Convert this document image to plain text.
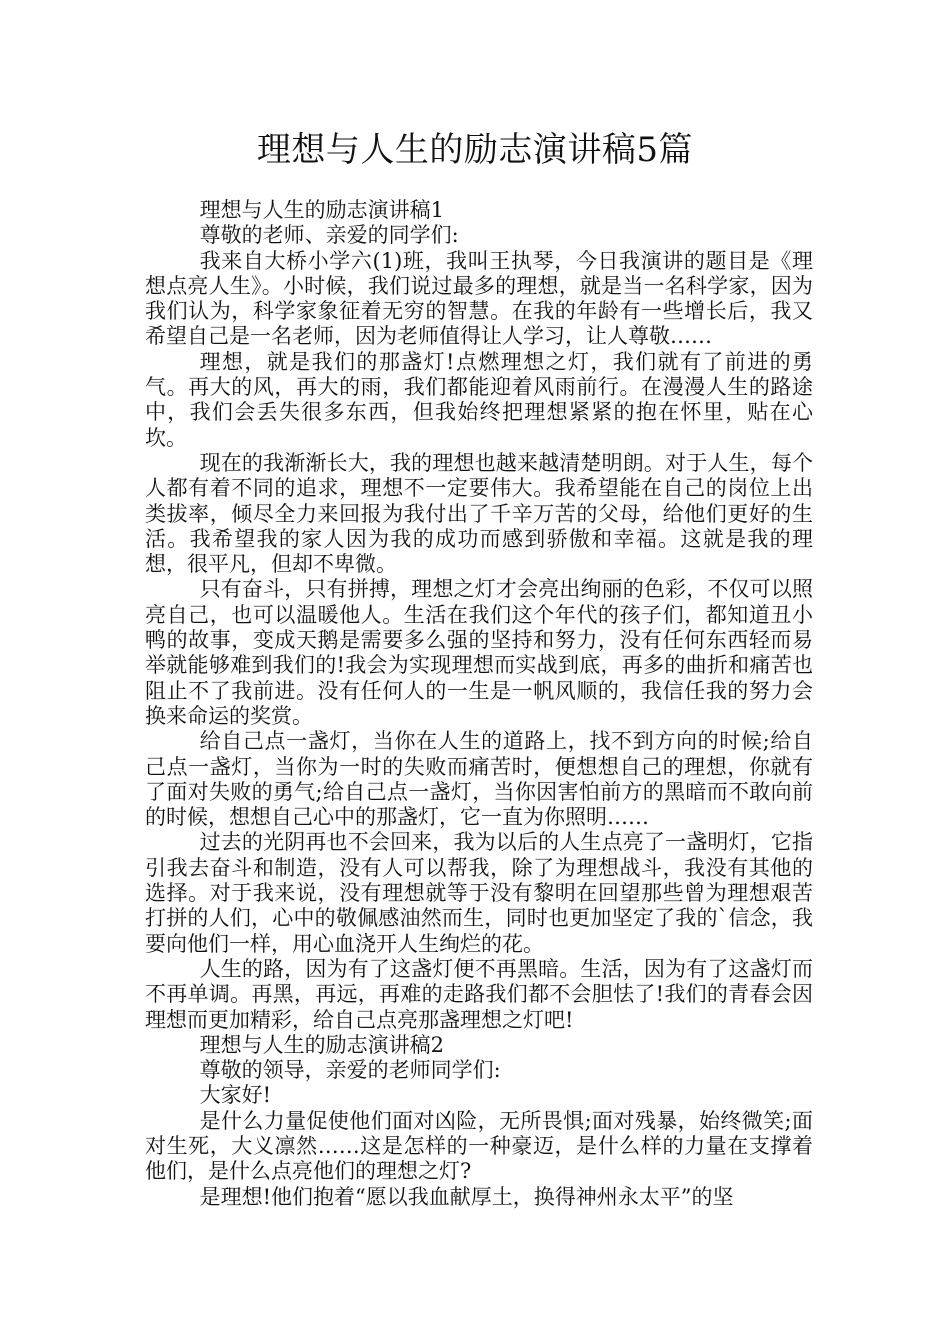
理想与人生的励志演讲稿5篇

理想与人生的励志演讲稿1

尊敬的老师、亲爱的同学们:

我来自大桥小学六(1)班，我叫王执琴，今日我演讲的题目是《理想点亮人生》。小时候，我们说过最多的理想，就是当一名科学家，因为我们认为，科学家象征着无穷的智慧。在我的年龄有一些增长后，我又希望自己是一名老师，因为老师值得让人学习，让人尊敬……

理想，就是我们的那盏灯!点燃理想之灯，我们就有了前进的勇气。再大的风，再大的雨，我们都能迎着风雨前行。在漫漫人生的路途中，我们会丢失很多东西，但我始终把理想紧紧的抱在怀里，贴在心坎。

现在的我渐渐长大，我的理想也越来越清楚明朗。对于人生，每个人都有着不同的追求，理想不一定要伟大。我希望能在自己的岗位上出类拔率，倾尽全力来回报为我付出了千辛万苦的父母，给他们更好的生活。我希望我的家人因为我的成功而感到骄傲和幸福。这就是我的理想，很平凡，但却不卑微。

只有奋斗，只有拼搏，理想之灯才会亮出绚丽的色彩，不仅可以照亮自己，也可以温暖他人。生活在我们这个年代的孩子们，都知道丑小鸭的故事，变成天鹅是需要多么强的坚持和努力，没有任何东西轻而易举就能够难到我们的!我会为实现理想而实战到底，再多的曲折和痛苦也阻止不了我前进。没有任何人的一生是一帆风顺的，我信任我的努力会换来命运的奖赏。

给自己点一盏灯，当你在人生的道路上，找不到方向的时候;给自己点一盏灯，当你为一时的失败而痛苦时，便想想自己的理想，你就有了面对失败的勇气;给自己点一盏灯，当你因害怕前方的黑暗而不敢向前的时候，想想自己心中的那盏灯，它一直为你照明……

过去的光阴再也不会回来，我为以后的人生点亮了一盏明灯，它指引我去奋斗和制造，没有人可以帮我，除了为理想战斗，我没有其他的选择。对于我来说，没有理想就等于没有黎明在回望那些曾为理想艰苦打拼的人们，心中的敬佩感油然而生，同时也更加坚定了我的`信念，我要向他们一样，用心血浇开人生绚烂的花。

人生的路，因为有了这盏灯便不再黑暗。生活，因为有了这盏灯而不再单调。再黑，再远，再难的走路我们都不会胆怯了!我们的青春会因理想而更加精彩，给自己点亮那盏理想之灯吧!

理想与人生的励志演讲稿2

尊敬的领导，亲爱的老师同学们:

大家好!

是什么力量促使他们面对凶险，无所畏惧;面对残暴，始终微笑;面对生死，大义凛然……这是怎样的一种豪迈，是什么样的力量在支撑着他们，是什么点亮他们的理想之灯?

是理想!他们抱着“愿以我血献厚土，换得神州永太平”的坚
